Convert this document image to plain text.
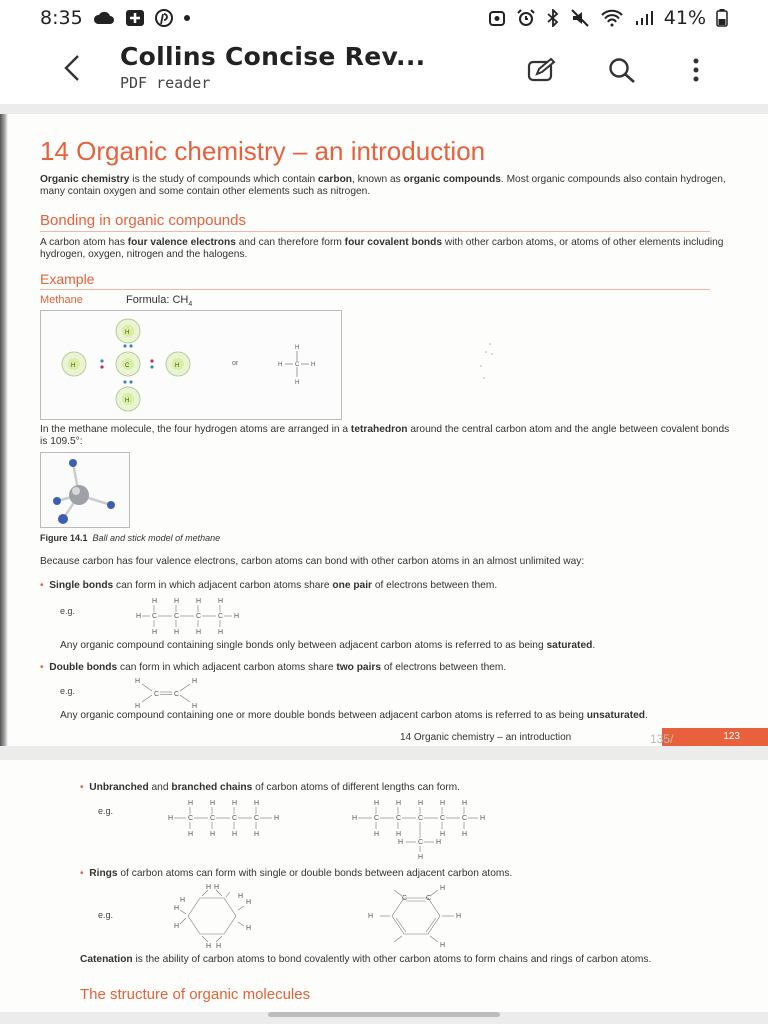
8:35	41%
Collins Concise Rev...
PDF reader
14 Organic chemistry – an introduction
Organic chemistry is the study of compounds which contain carbon, known as organic compounds. Most organic compounds also contain hydrogen, many contain oxygen and some contain other elements such as nitrogen.
Bonding in organic compounds
A carbon atom has four valence electrons and can therefore form four covalent bonds with other carbon atoms, or atoms of other elements including hydrogen, oxygen, nitrogen and the halogens.
Example
Methane	Formula: $CH_4$
H
H
H	H
C
H
C
H
H	H
or
In the methane molecule, the four hydrogen atoms are arranged in a tetrahedron around the central carbon atom and the angle between covalent bonds is 109.5°:
Figure 14.1 Ball and stick model of methane
Because carbon has four valence electrons, carbon atoms can bond with other carbon atoms in an almost unlimited way:
• Single bonds can form in which adjacent carbon atoms share one pair of electrons between them.
e.g.
H C C C C H
H H H H
H H H H
Any organic compound containing single bonds only between adjacent carbon atoms is referred to as being saturated.
• Double bonds can form in which adjacent carbon atoms share two pairs of electrons between them.
e.g.
H
H
C C
H
H
Any organic compound containing one or more double bonds between adjacent carbon atoms is referred to as being unsaturated.
14 Organic chemistry – an introduction	123
135/
• Unbranched and branched chains of carbon atoms of different lengths can form.
e.g.
H C C C C H
H H H H
H H H H
H C C C C C H
H H H H H
H H	H H
H C H
H
• Rings of carbon atoms can form with single or double bonds between adjacent carbon atoms.
e.g.
H H
H
H
H
H
H
H H
H
H
H
H
H
C	C
Catenation is the ability of carbon atoms to bond covalently with other carbon atoms to form chains and rings of carbon atoms.
The structure of organic molecules
